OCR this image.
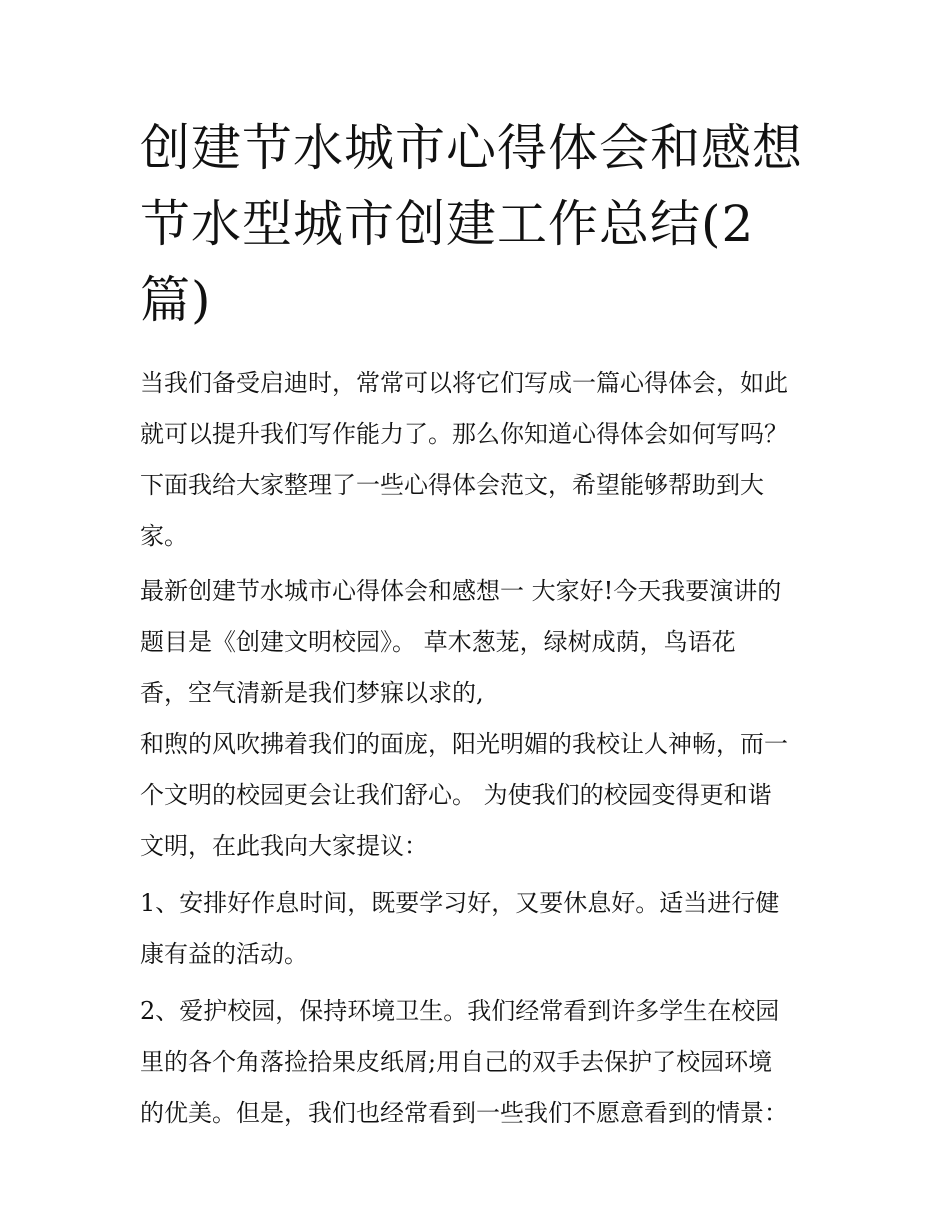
创建节水城市心得体会和感想
节水型城市创建工作总结(2
篇)

当我们备受启迪时，常常可以将它们写成一篇心得体会，如此
就可以提升我们写作能力了。那么你知道心得体会如何写吗？
下面我给大家整理了一些心得体会范文，希望能够帮助到大
家。

最新创建节水城市心得体会和感想一 大家好!今天我要演讲的
题目是《创建文明校园》。 草木葱茏，绿树成荫，鸟语花
香，空气清新是我们梦寐以求的,

和煦的风吹拂着我们的面庞，阳光明媚的我校让人神畅，而一
个文明的校园更会让我们舒心。 为使我们的校园变得更和谐
文明，在此我向大家提议：

1、安排好作息时间，既要学习好，又要休息好。适当进行健
康有益的活动。

2、爱护校园，保持环境卫生。我们经常看到许多学生在校园
里的各个角落捡拾果皮纸屑;用自己的双手去保护了校园环境
的优美。但是，我们也经常看到一些我们不愿意看到的情景：
